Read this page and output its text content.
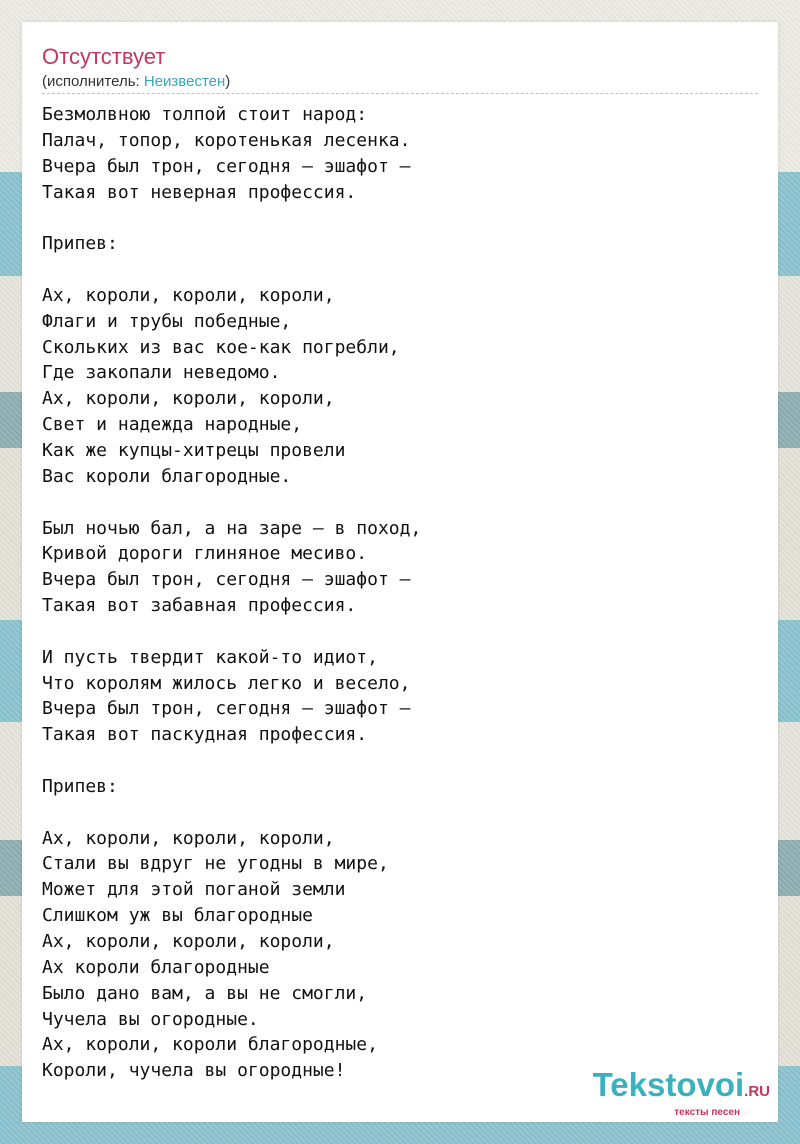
Отсутствует
(исполнитель: Неизвестен)
Безмолвною толпой стоит народ:
Палач, топор, коротенькая лесенка.
Вчера был трон, сегодня – эшафот –
Такая вот неверная профессия.

Припев:

Ах, короли, короли, короли,
Флаги и трубы победные,
Скольких из вас кое-как погребли,
Где закопали неведомо.
Ах, короли, короли, короли,
Свет и надежда народные,
Как же купцы-хитрецы провели
Вас короли благородные.

Был ночью бал, а на заре – в поход,
Кривой дороги глиняное месиво.
Вчера был трон, сегодня – эшафот –
Такая вот забавная профессия.

И пусть твердит какой-то идиот,
Что королям жилось легко и весело,
Вчера был трон, сегодня – эшафот –
Такая вот паскудная профессия.

Припев:

Ах, короли, короли, короли,
Стали вы вдруг не угодны в мире,
Может для этой поганой земли
Слишком уж вы благородные
Ах, короли, короли, короли,
Ах короли благородные
Было дано вам, а вы не смогли,
Чучела вы огородные.
Ах, короли, короли благородные,
Короли, чучела вы огородные!	Tekstovoi.RU
тексты песен
